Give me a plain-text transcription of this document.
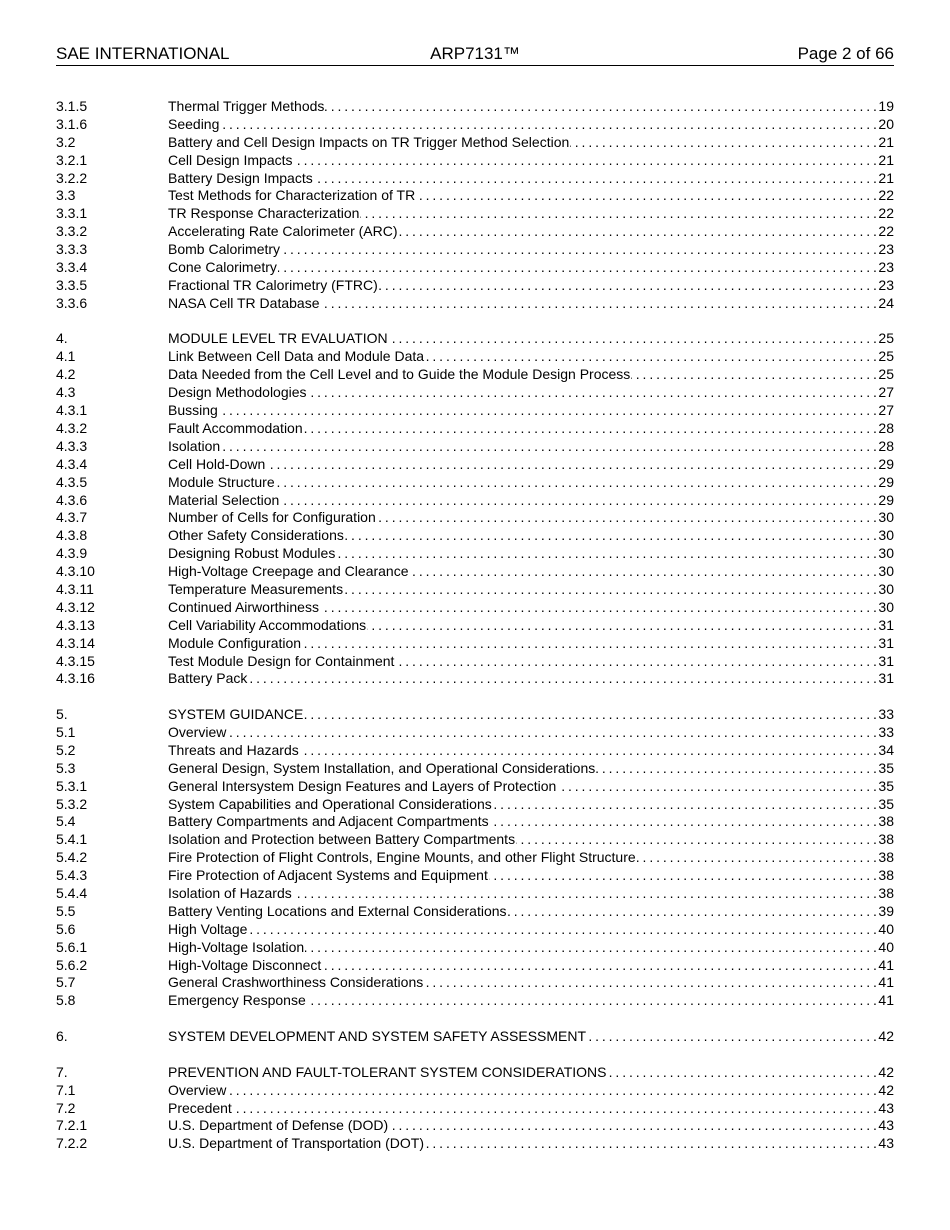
SAE INTERNATIONAL	ARP7131™	Page 2 of 66
3.1.5 . . .	Thermal Trigger Methods	19
3.1.6 . . .	Seeding	20
3.2 . . .	Battery and Cell Design Impacts on TR Trigger Method Selection	21
3.2.1 . . .	Cell Design Impacts	21
3.2.2 . . .	Battery Design Impacts	21
3.3 . . .	Test Methods for Characterization of TR	22
3.3.1 . . .	TR Response Characterization	22
3.3.2 . . .	Accelerating Rate Calorimeter (ARC)	22
3.3.3 . . .	Bomb Calorimetry	23
3.3.4 . . .	Cone Calorimetry	23
3.3.5 . . .	Fractional TR Calorimetry (FTRC)	23
3.3.6 . . .	NASA Cell TR Database	24
4. . . .	MODULE LEVEL TR EVALUATION	25
4.1 . . .	Link Between Cell Data and Module Data	25
4.2 . . .	Data Needed from the Cell Level and to Guide the Module Design Process	25
4.3 . . .	Design Methodologies	27
4.3.1 . . .	Bussing	27
4.3.2 . . .	Fault Accommodation	28
4.3.3 . . .	Isolation	28
4.3.4 . . .	Cell Hold-Down	29
4.3.5 . . .	Module Structure	29
4.3.6 . . .	Material Selection	29
4.3.7 . . .	Number of Cells for Configuration	30
4.3.8 . . .	Other Safety Considerations	30
4.3.9 . . .	Designing Robust Modules	30
4.3.10 . . .	High-Voltage Creepage and Clearance	30
4.3.11 . . .	Temperature Measurements	30
4.3.12 . . .	Continued Airworthiness	30
4.3.13 . . .	Cell Variability Accommodations	31
4.3.14 . . .	Module Configuration	31
4.3.15 . . .	Test Module Design for Containment	31
4.3.16 . . .	Battery Pack	31
5. . . .	SYSTEM GUIDANCE	33
5.1 . . .	Overview	33
5.2 . . .	Threats and Hazards	34
5.3 . . .	General Design, System Installation, and Operational Considerations	35
5.3.1 . . .	General Intersystem Design Features and Layers of Protection	35
5.3.2 . . .	System Capabilities and Operational Considerations	35
5.4 . . .	Battery Compartments and Adjacent Compartments	38
5.4.1 . . .	Isolation and Protection between Battery Compartments	38
5.4.2 . . .	Fire Protection of Flight Controls, Engine Mounts, and other Flight Structure	38
5.4.3 . . .	Fire Protection of Adjacent Systems and Equipment	38
5.4.4 . . .	Isolation of Hazards	38
5.5 . . .	Battery Venting Locations and External Considerations	39
5.6 . . .	High Voltage	40
5.6.1 . . .	High-Voltage Isolation	40
5.6.2 . . .	High-Voltage Disconnect	41
5.7 . . .	General Crashworthiness Considerations	41
5.8 . . .	Emergency Response	41
6. . . .	SYSTEM DEVELOPMENT AND SYSTEM SAFETY ASSESSMENT	42
7. . . .	PREVENTION AND FAULT-TOLERANT SYSTEM CONSIDERATIONS	42
7.1 . . .	Overview	42
7.2 . . .	Precedent	43
7.2.1 . . .	U.S. Department of Defense (DOD)	43
7.2.2 . . .	U.S. Department of Transportation (DOT)	43
